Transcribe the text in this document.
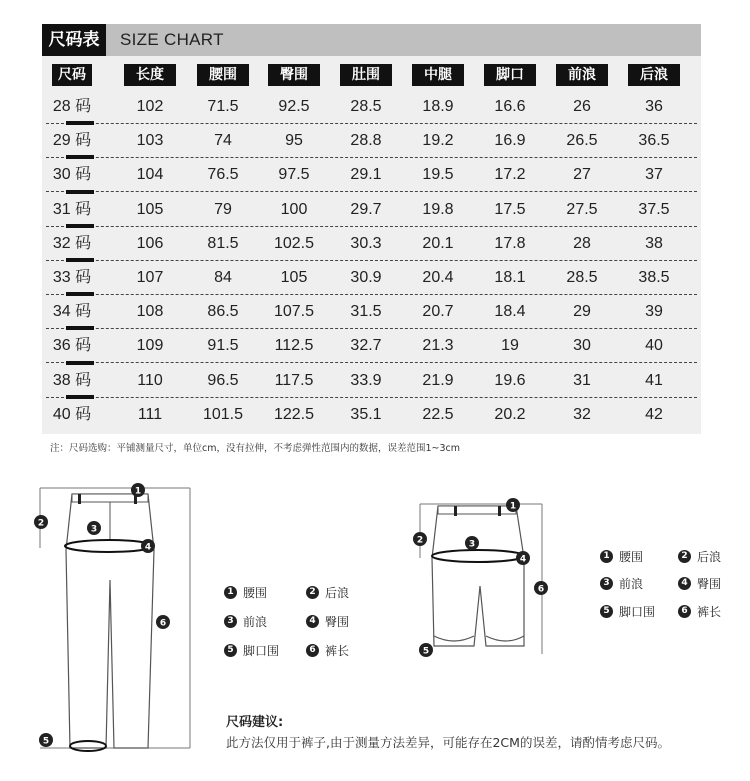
尺码表	SIZE CHART
尺码	长度	腰围	臀围	肚围	中腿	脚口	前浪	后浪
28 码	102	71.5	92.5	28.5	18.9	16.6	26	36
29 码	103	74	95	28.8	19.2	16.9	26.5	36.5
30 码	104	76.5	97.5	29.1	19.5	17.2	27	37
31 码	105	79	100	29.7	19.8	17.5	27.5	37.5
32 码	106	81.5	102.5	30.3	20.1	17.8	28	38
33 码	107	84	105	30.9	20.4	18.1	28.5	38.5
34 码	108	86.5	107.5	31.5	20.7	18.4	29	39
36 码	109	91.5	112.5	32.7	21.3	19	30	40
38 码	110	96.5	117.5	33.9	21.9	19.6	31	41
40 码	111	101.5	122.5	35.1	22.5	20.2	32	42
注：尺码选购：平铺测量尺寸，单位cm，没有拉伸，不考虑弹性范围内的数据，误差范围1~3cm
1
2
3
4
6
5
1 腰围	2 后浪
3 前浪	4 臀围
5 脚口围	6 裤长
1
2	3
4
6
5
1 腰围	2 后浪
3 前浪	4 臀围
5 脚口围	6 裤长
尺码建议:
此方法仅用于裤子,由于测量方法差异，可能存在2CM的误差，请酌情考虑尺码。
